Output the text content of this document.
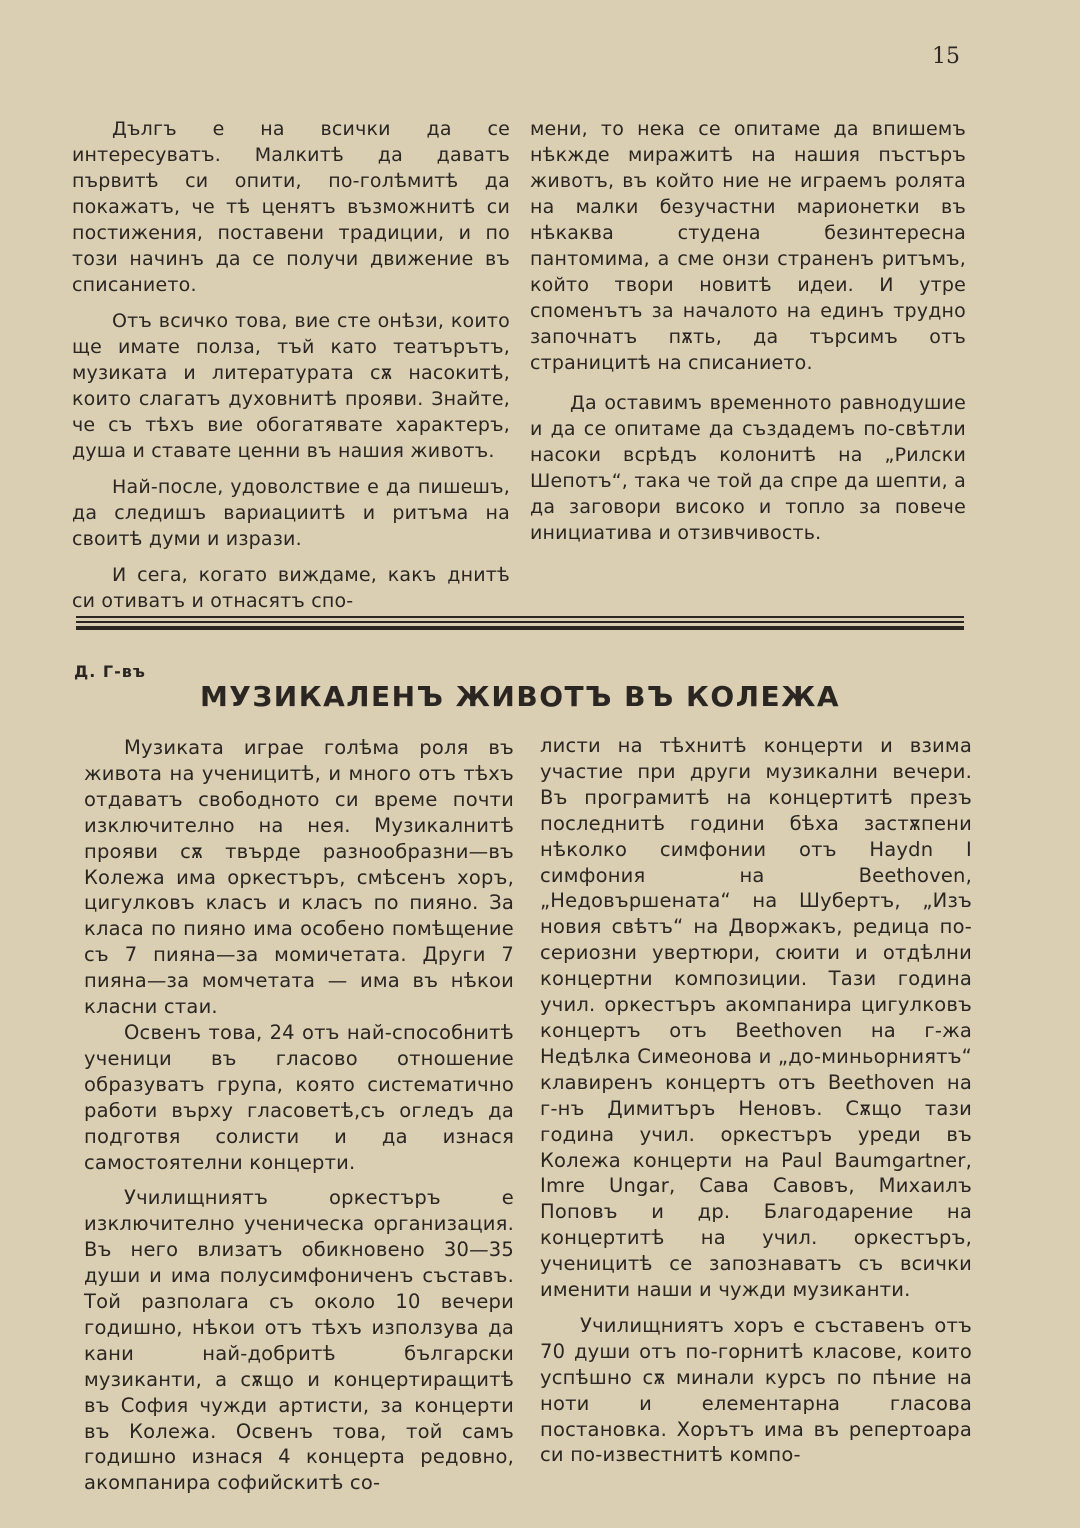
15

Дългъ е на всички да се интересуватъ. Малкитѣ да даватъ първитѣ си опити, по-голѣмитѣ да покажатъ, че тѣ ценятъ възможнитѣ си постижения, поставени традиции, и по този начинъ да се получи движение въ списанието.

Отъ всичко това, вие сте онѣзи, които ще иматe полза, тъй като театърътъ, музиката и литературата сѫ насокитѣ, които слагатъ духовнитѣ прояви. Знайте, че съ тѣхъ вие обогатявате характеръ, душа и ставате ценни въ нашия животъ.

Най-после, удоволствие е да пишешъ, да следишъ вариациитѣ и ритъма на своитѣ думи и изрази.

И сега, когато виждаме, какъ днитѣ си отиватъ и отнасятъ спо-

мени, то нека се опитаме да впишемъ нѣкжде миражитѣ на нашия пъстъръ животъ, въ който ние не играемъ ролята на малки безучастни марионетки въ нѣкаква студена безинтересна пантомима, а сме онзи страненъ ритъмъ, който твори новитѣ идеи. И утре споменътъ за началото на единъ трудно започнатъ пѫть, да търсимъ отъ страницитѣ на списанието.

Да оставимъ временното равнодушие и да се опитаме да създадемъ по-свѣтли насоки всрѣдъ колонитѣ на „Рилски Шепотъ“, така че той да спре да шепти, а да заговори високо и топло за повече инициатива и отзивчивость.

Д. Г-въ
МУЗИКАЛЕНЪ ЖИВОТЪ ВЪ КОЛЕЖА

Музиката играе голѣма роля въ живота на ученицитѣ, и много отъ тѣхъ отдаватъ свободното си време почти изключително на нея. Музикалнитѣ прояви сѫ твърде разнообразни—въ Колежа има оркестъръ, смѣсенъ хоръ, цигулковъ класъ и класъ по пияно. За класа по пияно има особено помѣщение съ 7 пияна—за момичетата. Други 7 пияна—за момчетата — има въ нѣкои класни стаи.

Освенъ това, 24 отъ най-способнитѣ ученици въ гласово отношение образуватъ група, която систематично работи върху гласоветѣ,съ огледъ да подготвя солисти и да изнася самостоятелни концерти.

Училищниятъ оркестъръ е изключително ученическа организация. Въ него влизатъ обикновено 30—35 души и има полусимфониченъ съставъ. Той разполага съ около 10 вечери годишно, нѣкои отъ тѣхъ използува да кани най-добритѣ български музиканти, а сѫщо и концертиращитѣ въ София чужди артисти, за концерти въ Колежа. Освенъ това, той самъ годишно изнася 4 концерта редовно, акомпанира софийскитѣ со-

листи на тѣхнитѣ концерти и взима участие при други музикални вечери. Въ програмитѣ на концертитѣ презъ последнитѣ години бѣха застѫпени нѣколко симфонии отъ Haydn I симфония на Beethoven, „Недовършената“ на Шубертъ, „Изъ новия свѣтъ“ на Дворжакъ, редица по-сериозни увертюри, сюити и отдѣлни концертни композиции. Тази година учил. оркестъръ акомпанира цигулковъ концертъ отъ Beethoven на г-жа Недѣлка Симеонова и „до-миньорниятъ“ клавиренъ концертъ отъ Beethoven на г-нъ Димитъръ Неновъ. Сѫщо тази година учил. оркестъръ уреди въ Колежа концерти на Paul Baumgartner, Imre Ungar, Сава Савовъ, Михаилъ Поповъ и др. Благодарение на концертитѣ на учил. оркестъръ, ученицитѣ се запознаватъ съ всички именити наши и чужди музиканти.

Училищниятъ хоръ е съставенъ отъ 70 души отъ по-горнитѣ класове, които успѣшно сѫ минали курсъ по пѣние на ноти и елементарна гласова постановка. Хорътъ има въ репертоара си по-известнитѣ компо-
